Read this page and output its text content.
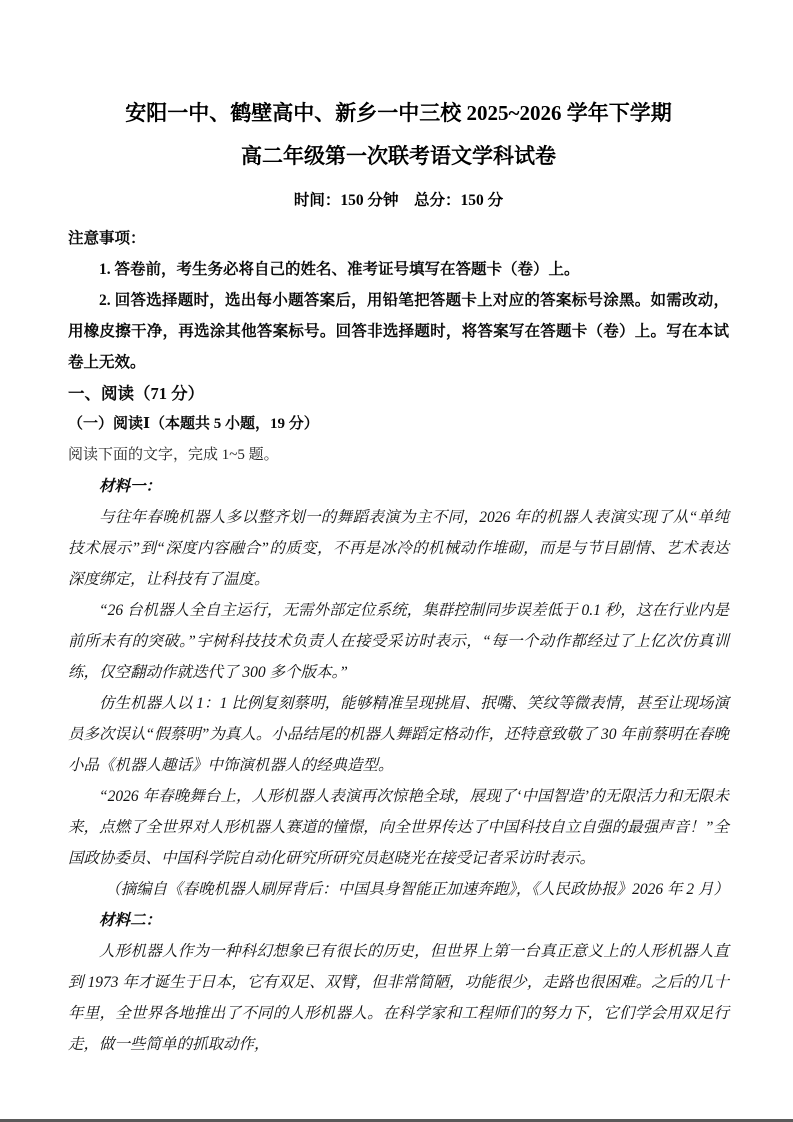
安阳一中、鹤壁高中、新乡一中三校 2025~2026 学年下学期
高二年级第一次联考语文学科试卷
时间：150 分钟　总分：150 分

注意事项：

1. 答卷前，考生务必将自己的姓名、准考证号填写在答题卡（卷）上。

2. 回答选择题时，选出每小题答案后，用铅笔把答题卡上对应的答案标号涂黑。如需改动，用橡皮擦干净，再选涂其他答案标号。回答非选择题时，将答案写在答题卡（卷）上。写在本试卷上无效。

一、阅读（71 分）

（一）阅读Ⅰ（本题共 5 小题，19 分）

阅读下面的文字，完成 1~5 题。

材料一：

与往年春晚机器人多以整齐划一的舞蹈表演为主不同，2026 年的机器人表演实现了从“单纯技术展示”到“深度内容融合”的质变，不再是冰冷的机械动作堆砌，而是与节目剧情、艺术表达深度绑定，让科技有了温度。

“26 台机器人全自主运行，无需外部定位系统，集群控制同步误差低于 0.1 秒，这在行业内是前所未有的突破。”宇树科技技术负责人在接受采访时表示，“每一个动作都经过了上亿次仿真训练，仅空翻动作就迭代了 300 多个版本。”

仿生机器人以 1：1 比例复刻蔡明，能够精准呈现挑眉、抿嘴、笑纹等微表情，甚至让现场演员多次误认“假蔡明”为真人。小品结尾的机器人舞蹈定格动作，还特意致敬了 30 年前蔡明在春晚小品《机器人趣话》中饰演机器人的经典造型。

“2026 年春晚舞台上，人形机器人表演再次惊艳全球，展现了‘中国智造’的无限活力和无限未来，点燃了全世界对人形机器人赛道的憧憬，向全世界传达了中国科技自立自强的最强声音！”全国政协委员、中国科学院自动化研究所研究员赵晓光在接受记者采访时表示。

（摘编自《春晚机器人刷屏背后：中国具身智能正加速奔跑》，《人民政协报》2026 年 2 月）

材料二：

人形机器人作为一种科幻想象已有很长的历史，但世界上第一台真正意义上的人形机器人直到 1973 年才诞生于日本，它有双足、双臂，但非常简陋，功能很少，走路也很困难。之后的几十年里，全世界各地推出了不同的人形机器人。在科学家和工程师们的努力下，它们学会用双足行走，做一些简单的抓取动作，
